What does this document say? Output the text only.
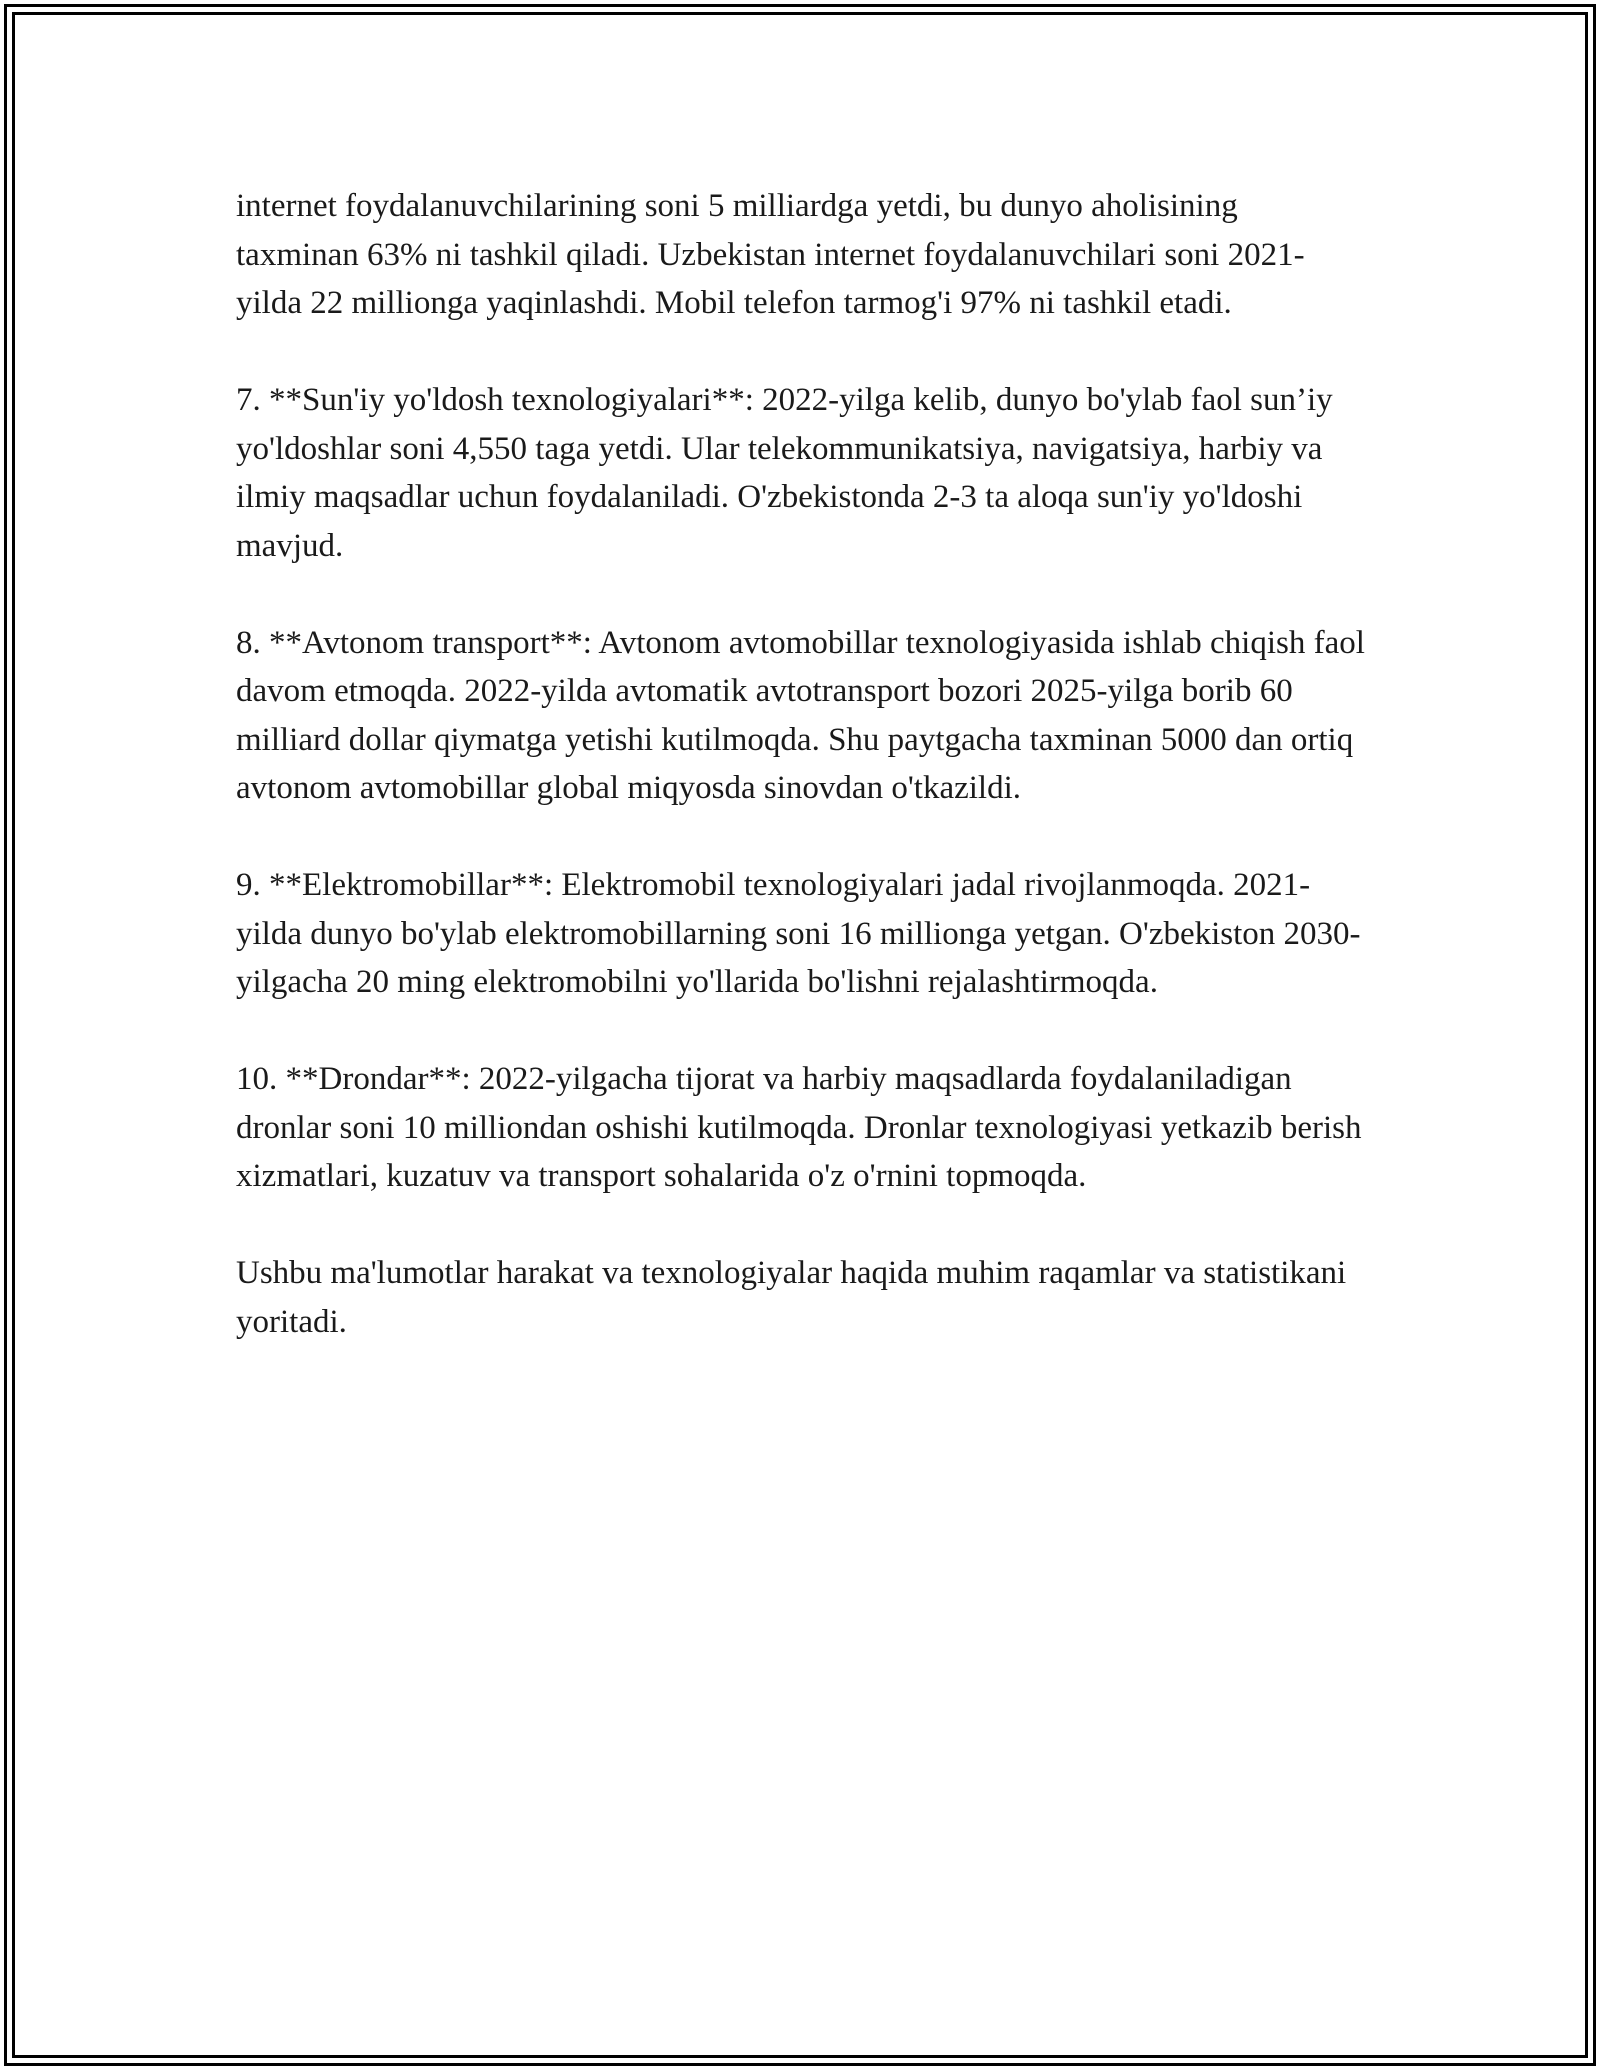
internet foydalanuvchilarining soni 5 milliardga yetdi, bu dunyo aholisining taxminan 63% ni tashkil qiladi. Uzbekistan internet foydalanuvchilari soni 2021-yilda 22 millionga yaqinlashdi. Mobil telefon tarmog'i 97% ni tashkil etadi.

7. **Sun'iy yo'ldosh texnologiyalari**: 2022-yilga kelib, dunyo bo'ylab faol sun’iy yo'ldoshlar soni 4,550 taga yetdi. Ular telekommunikatsiya, navigatsiya, harbiy va ilmiy maqsadlar uchun foydalaniladi. O'zbekistonda 2-3 ta aloqa sun'iy yo'ldoshi mavjud.

8. **Avtonom transport**: Avtonom avtomobillar texnologiyasida ishlab chiqish faol davom etmoqda. 2022-yilda avtomatik avtotransport bozori 2025-yilga borib 60 milliard dollar qiymatga yetishi kutilmoqda. Shu paytgacha taxminan 5000 dan ortiq avtonom avtomobillar global miqyosda sinovdan o'tkazildi.

9. **Elektromobillar**: Elektromobil texnologiyalari jadal rivojlanmoqda. 2021-yilda dunyo bo'ylab elektromobillarning soni 16 millionga yetgan. O'zbekiston 2030-yilgacha 20 ming elektromobilni yo'llarida bo'lishni rejalashtirmoqda.

10. **Drondar**: 2022-yilgacha tijorat va harbiy maqsadlarda foydalaniladigan dronlar soni 10 milliondan oshishi kutilmoqda. Dronlar texnologiyasi yetkazib berish xizmatlari, kuzatuv va transport sohalarida o'z o'rnini topmoqda.

Ushbu ma'lumotlar harakat va texnologiyalar haqida muhim raqamlar va statistikani yoritadi.
